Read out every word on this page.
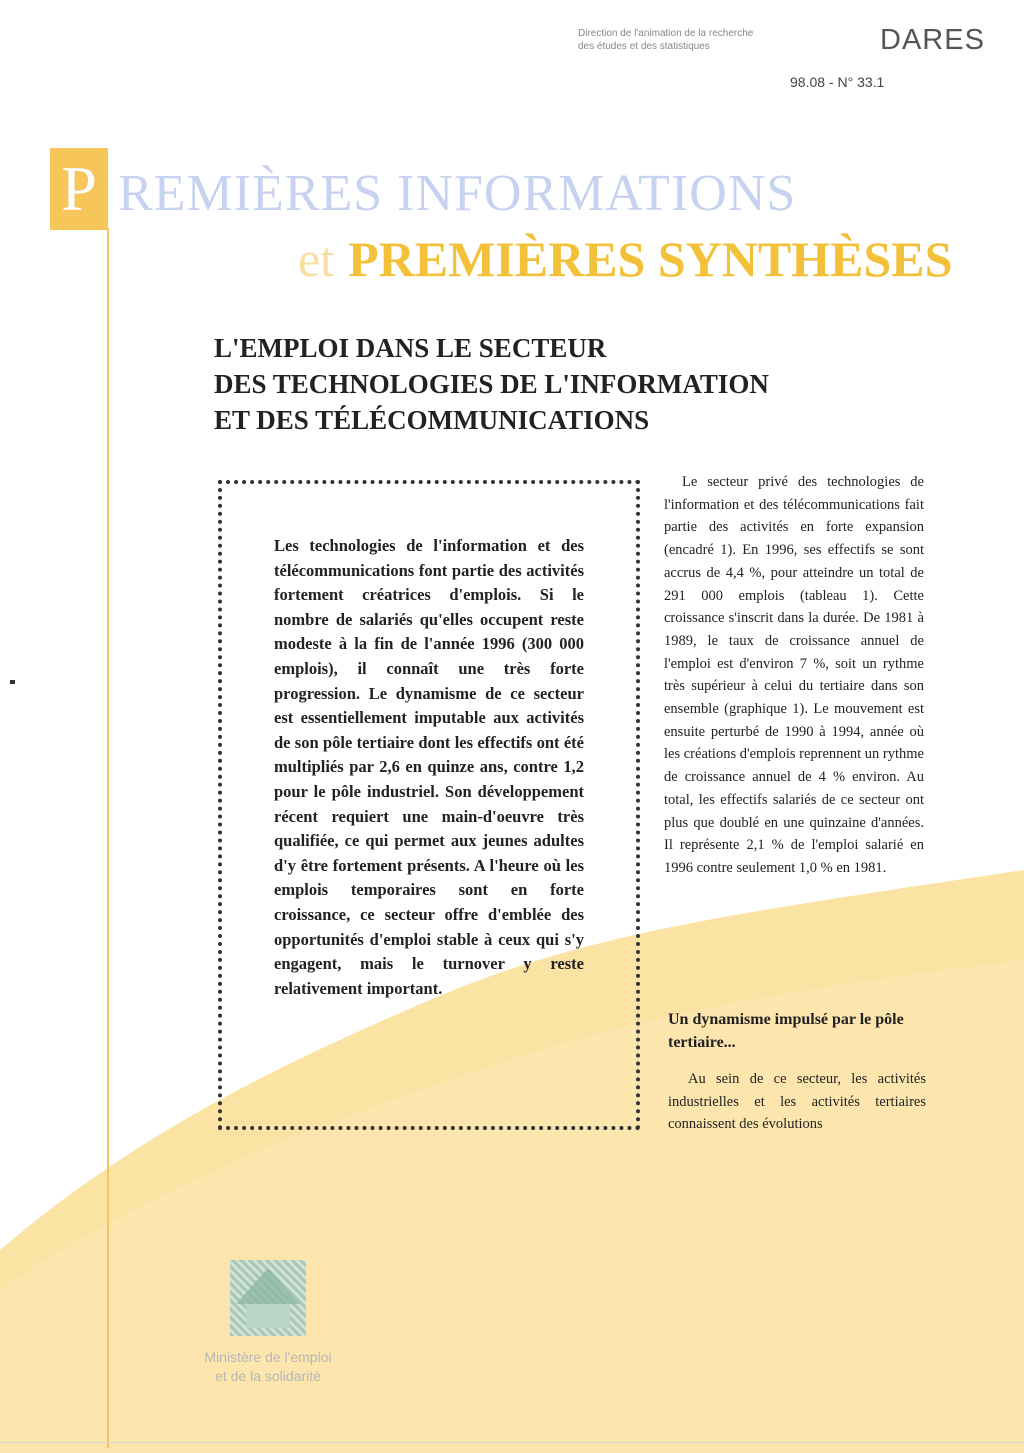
Direction de l'animation de la recherche
des études et des statistiques	DARES
98.08 - N° 33.1
P REMIÈRES INFORMATIONS
et PREMIÈRES SYNTHÈSES
L'EMPLOI DANS LE SECTEUR
DES TECHNOLOGIES DE L'INFORMATION
ET DES TÉLÉCOMMUNICATIONS
Les technologies de l'information et des télécommunications font partie des activités fortement créatrices d'emplois. Si le nombre de salariés qu'elles occupent reste modeste à la fin de l'année 1996 (300 000 emplois), il connaît une très forte progression. Le dynamisme de ce secteur est essentiellement imputable aux activités de son pôle tertiaire dont les effectifs ont été multipliés par 2,6 en quinze ans, contre 1,2 pour le pôle industriel. Son développement récent requiert une main-d'oeuvre très qualifiée, ce qui permet aux jeunes adultes d'y être fortement présents. A l'heure où les emplois temporaires sont en forte croissance, ce secteur offre d'emblée des opportunités d'emploi stable à ceux qui s'y engagent, mais le turnover y reste relativement important.
Le secteur privé des technologies de l'information et des télécommunications fait partie des activités en forte expansion (encadré 1). En 1996, ses effectifs se sont accrus de 4,4 %, pour atteindre un total de 291 000 emplois (tableau 1). Cette croissance s'inscrit dans la durée. De 1981 à 1989, le taux de croissance annuel de l'emploi est d'environ 7 %, soit un rythme très supérieur à celui du tertiaire dans son ensemble (graphique 1). Le mouvement est ensuite perturbé de 1990 à 1994, année où les créations d'emplois reprennent un rythme de croissance annuel de 4 % environ. Au total, les effectifs salariés de ce secteur ont plus que doublé en une quinzaine d'années. Il représente 2,1 % de l'emploi salarié en 1996 contre seulement 1,0 % en 1981.
Un dynamisme impulsé par le pôle tertiaire...
Au sein de ce secteur, les activités industrielles et les activités tertiaires connaissent des évolutions
Ministère de l'emploi
et de la solidarité
